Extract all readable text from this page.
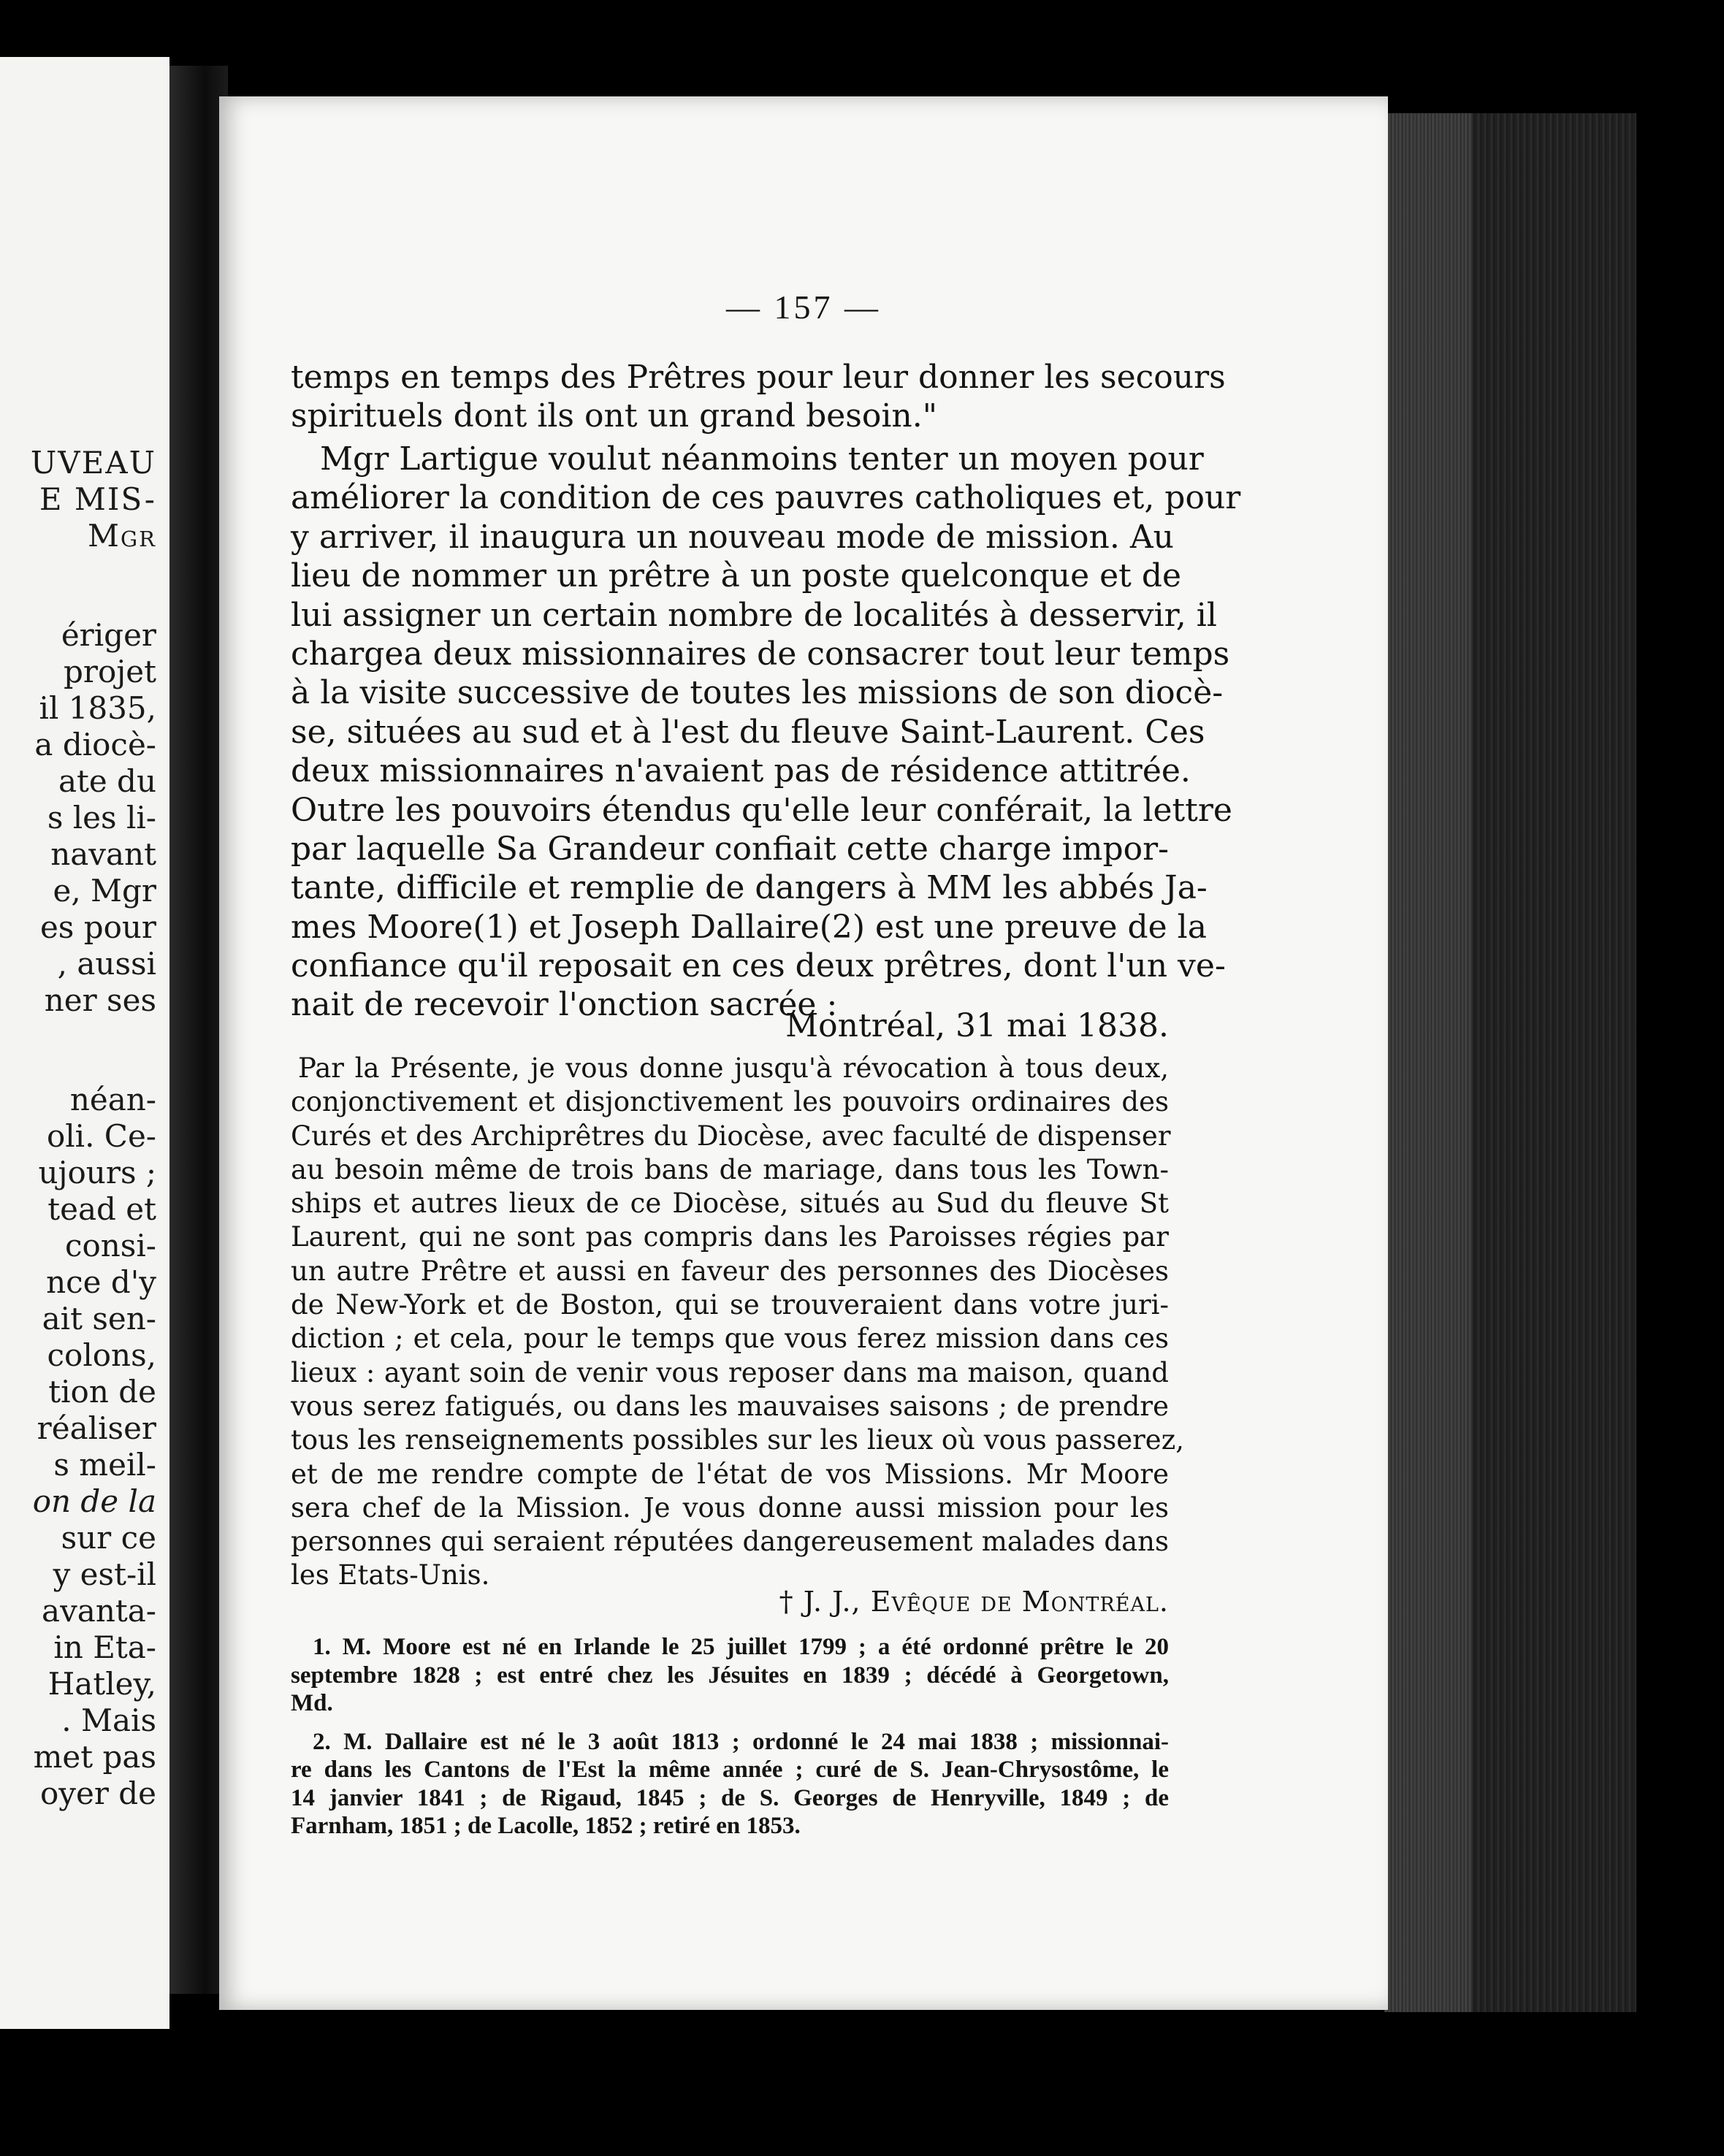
UVEAU
E MIS-
Mgr
ériger
projet
il 1835,
a diocè-
ate du
s les li-
navant
e, Mgr
es pour
, aussi
ner ses
néan-
oli. Ce-
ujours ;
tead et
consi-
nce d'y
ait sen-
colons,
tion de
réaliser
s meil-
on de la
sur ce
y est-il
avanta-
in Eta-
Hatley,
. Mais
met pas
oyer de
— 157 —
temps en temps des Prêtres pour leur donner les secours
spirituels dont ils ont un grand besoin."
Mgr Lartigue voulut néanmoins tenter un moyen pour
améliorer la condition de ces pauvres catholiques et, pour
y arriver, il inaugura un nouveau mode de mission. Au
lieu de nommer un prêtre à un poste quelconque et de
lui assigner un certain nombre de localités à desservir, il
chargea deux missionnaires de consacrer tout leur temps
à la visite successive de toutes les missions de son diocè-
se, situées au sud et à l'est du fleuve Saint-Laurent. Ces
deux missionnaires n'avaient pas de résidence attitrée.
Outre les pouvoirs étendus qu'elle leur conférait, la lettre
par laquelle Sa Grandeur confiait cette charge impor-
tante, difficile et remplie de dangers à MM les abbés Ja-
mes Moore(1) et Joseph Dallaire(2) est une preuve de la
confiance qu'il reposait en ces deux prêtres, dont l'un ve-
nait de recevoir l'onction sacrée :
Montréal, 31 mai 1838.
Par la Présente, je vous donne jusqu'à révocation à tous deux,
conjonctivement et disjonctivement les pouvoirs ordinaires des
Curés et des Archiprêtres du Diocèse, avec faculté de dispenser
au besoin même de trois bans de mariage, dans tous les Town-
ships et autres lieux de ce Diocèse, situés au Sud du fleuve St
Laurent, qui ne sont pas compris dans les Paroisses régies par
un autre Prêtre et aussi en faveur des personnes des Diocèses
de New-York et de Boston, qui se trouveraient dans votre juri-
diction ; et cela, pour le temps que vous ferez mission dans ces
lieux : ayant soin de venir vous reposer dans ma maison, quand
vous serez fatigués, ou dans les mauvaises saisons ; de prendre
tous les renseignements possibles sur les lieux où vous passerez,
et de me rendre compte de l'état de vos Missions. Mr Moore
sera chef de la Mission. Je vous donne aussi mission pour les
personnes qui seraient réputées dangereusement malades dans
les Etats-Unis.
† J. J., Evêque de Montréal.
1. M. Moore est né en Irlande le 25 juillet 1799 ; a été ordonné prêtre le 20
septembre 1828 ; est entré chez les Jésuites en 1839 ; décédé à Georgetown,
Md.
2. M. Dallaire est né le 3 août 1813 ; ordonné le 24 mai 1838 ; missionnai-
re dans les Cantons de l'Est la même année ; curé de S. Jean-Chrysostôme, le
14 janvier 1841 ; de Rigaud, 1845 ; de S. Georges de Henryville, 1849 ; de
Farnham, 1851 ; de Lacolle, 1852 ; retiré en 1853.
